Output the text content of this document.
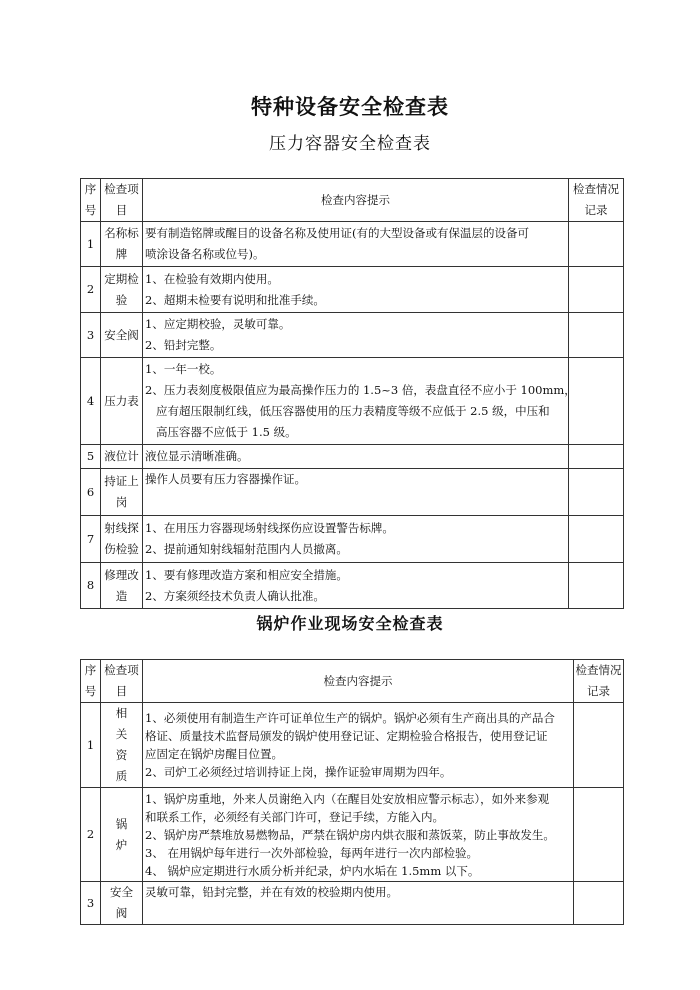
特种设备安全检查表
压力容器安全检查表
序号	检查项目	检查内容提示	检查情况记录
1	名称标牌	要有制造铭牌或醒目的设备名称及使用证(有的大型设备或有保温层的设备可
喷涂设备名称或位号)。	

2	定期检验	1、在检验有效期内使用。
2、超期未检要有说明和批准手续。	

3	安全阀	1、应定期校验，灵敏可靠。
2、铅封完整。	

4	压力表	1、一年一校。
2、压力表刻度极限值应为最高操作压力的 1.5~3 倍，表盘直径不应小于 100mm，
应有超压限制红线，低压容器使用的压力表精度等级不应低于 2.5 级，中压和
高压容器不应低于 1.5 级。	

5	液位计	液位显示清晰准确。	

6	持证上岗	操作人员要有压力容器操作证。	

7	射线探伤检验	1、在用压力容器现场射线探伤应设置警告标牌。
2、提前通知射线辐射范围内人员撤离。	

8	修理改造	1、要有修理改造方案和相应安全措施。
2、方案须经技术负责人确认批准。	

锅炉作业现场安全检查表
序号	检查项目	检查内容提示	检查情况记录
1	相关资质	1、必须使用有制造生产许可证单位生产的锅炉。锅炉必须有生产商出具的产品合
格证、质量技术监督局颁发的锅炉使用登记证、定期检验合格报告，使用登记证
应固定在锅炉房醒目位置。
2、司炉工必须经过培训持证上岗，操作证验审周期为四年。	

2	锅炉	1、锅炉房重地，外来人员谢绝入内（在醒目处安放相应警示标志），如外来参观
和联系工作，必须经有关部门许可，登记手续，方能入内。
2、锅炉房严禁堆放易燃物品，严禁在锅炉房内烘衣服和蒸饭菜，防止事故发生。
3、 在用锅炉每年进行一次外部检验，每两年进行一次内部检验。
4、 锅炉应定期进行水质分析并纪录，炉内水垢在 1.5mm 以下。	

3	安全阀	灵敏可靠，铅封完整，并在有效的校验期内使用。	
